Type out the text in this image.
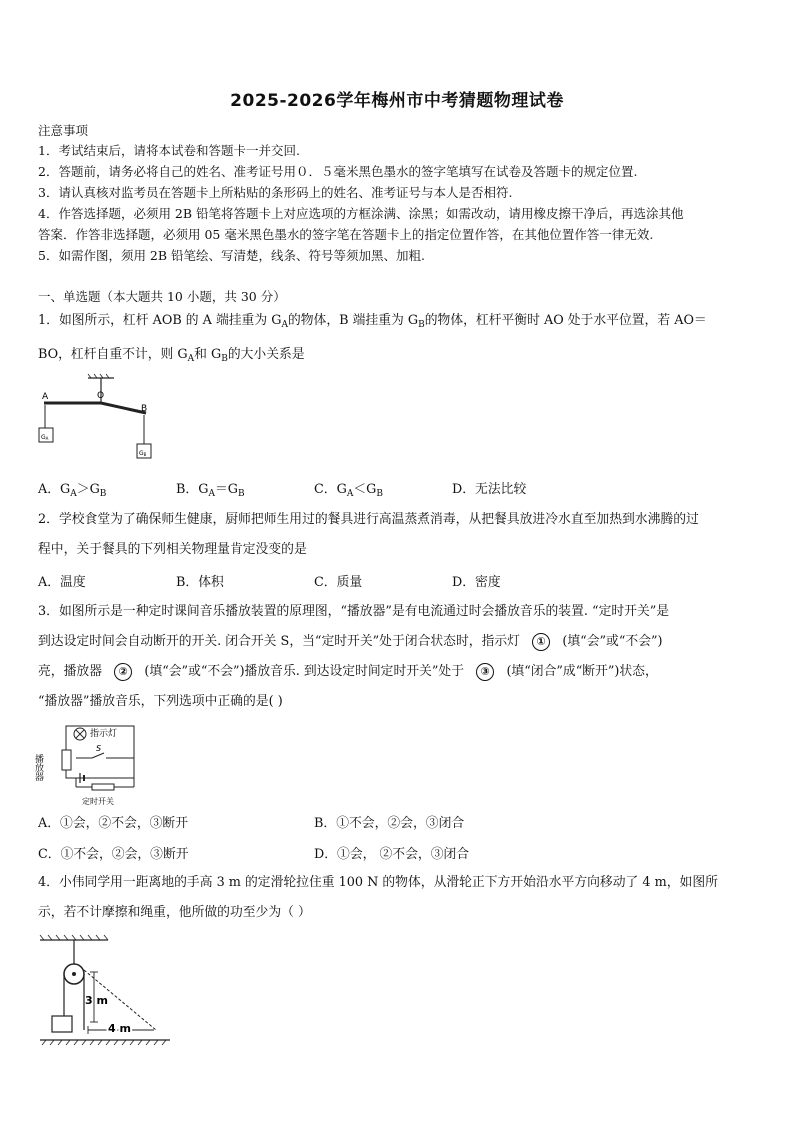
2025-2026学年梅州市中考猜题物理试卷
注意事项
1．考试结束后，请将本试卷和答题卡一并交回.
2．答题前，请务必将自己的姓名、准考证号用０．５毫米黑色墨水的签字笔填写在试卷及答题卡的规定位置.
3．请认真核对监考员在答题卡上所粘贴的条形码上的姓名、准考证号与本人是否相符.
4．作答选择题，必须用 2B 铅笔将答题卡上对应选项的方框涂满、涂黑；如需改动，请用橡皮擦干净后，再选涂其他
答案．作答非选择题，必须用 05 毫米黑色墨水的签字笔在答题卡上的指定位置作答，在其他位置作答一律无效.
5．如需作图，须用 2B 铅笔绘、写清楚，线条、符号等须加黑、加粗.
一、单选题（本大题共 10 小题，共 30 分）
1．如图所示，杠杆 AOB 的 A 端挂重为 $G_A$的物体，B 端挂重为 $G_B$的物体，杠杆平衡时 AO 处于水平位置，若 AO＝
BO，杠杆自重不计，则 $G_A$和 $G_B$的大小关系是
A	O
B
GA
GB
A．$G_A>G_B$	B．$G_A=G_B$	C．$G_A<G_B$	D．无法比较
2．学校食堂为了确保师生健康，厨师把师生用过的餐具进行高温蒸煮消毒，从把餐具放进冷水直至加热到水沸腾的过
程中，关于餐具的下列相关物理量肯定没变的是
A．温度	B．体积	C．质量	D．密度
3．如图所示是一种定时课间音乐播放装置的原理图，“播放器”是有电流通过时会播放音乐的装置. “定时开关”是
到达设定时间会自动断开的开关. 闭合开关 S，当“定时开关”处于闭合状态时，指示灯 ① (填“会”或“不会”)
亮，播放器 ② (填“会”或“不会”)播放音乐. 到达设定时间定时开关”处于 ③ (填“闭合”成“断开”)状态，
“播放器”播放音乐，下列选项中正确的是( )
指示灯
S
播放器
定时开关
A．①会，②不会，③断开	B．①不会，②会，③闭合
C．①不会，②会，③断开	D．①会， ②不会，③闭合
4．小伟同学用一距离地的手高 3 m 的定滑轮拉住重 100 N 的物体，从滑轮正下方开始沿水平方向移动了 4 m，如图所
示，若不计摩擦和绳重，他所做的功至少为（ ）
3 m
4 m
